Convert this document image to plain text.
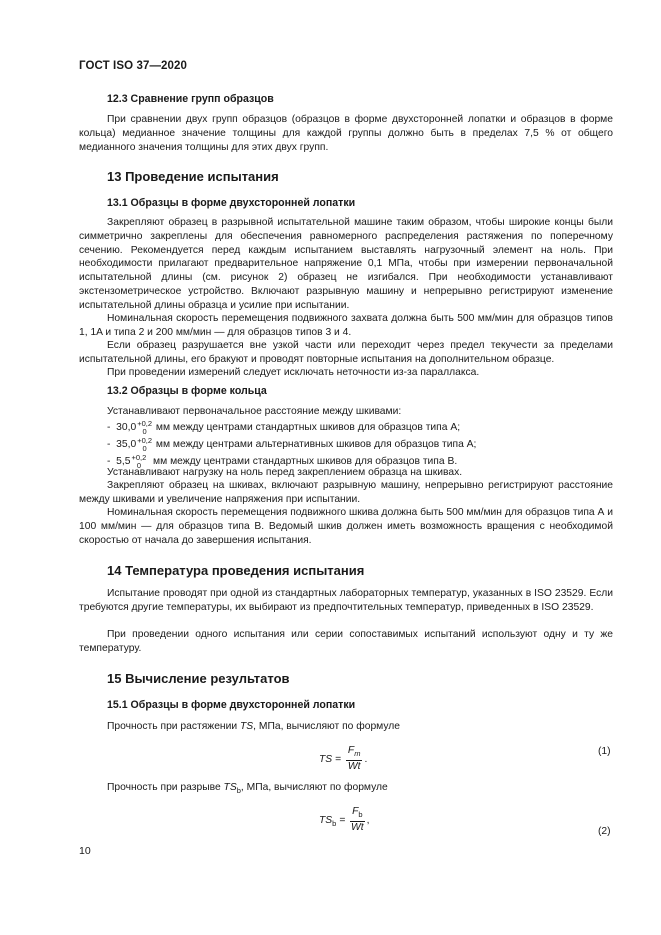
ГОСТ ISO 37—2020
12.3 Сравнение групп образцов

При сравнении двух групп образцов (образцов в форме двухсторонней лопатки и образцов в форме кольца) медианное значение толщины для каждой группы должно быть в пределах 7,5 % от общего медианного значения толщины для этих двух групп.

13 Проведение испытания
13.1 Образцы в форме двухсторонней лопатки

Закрепляют образец в разрывной испытательной машине таким образом, чтобы широкие концы были симметрично закреплены для обеспечения равномерного распределения растяжения по поперечному сечению. Рекомендуется перед каждым испытанием выставлять нагрузочный элемент на ноль. При необходимости прилагают предварительное напряжение 0,1 МПа, чтобы при измерении первоначальной испытательной длины (см. рисунок 2) образец не изгибался. При необходимости устанавливают экстензометрическое устройство. Включают разрывную машину и непрерывно регистрируют изменение испытательной длины образца и усилие при испытании.

Номинальная скорость перемещения подвижного захвата должна быть 500 мм/мин для образцов типов 1, 1A и типа 2 и 200 мм/мин — для образцов типов 3 и 4.

Если образец разрушается вне узкой части или переходит через предел текучести за пределами испытательной длины, его бракуют и проводят повторные испытания на дополнительном образце.

При проведении измерений следует исключать неточности из-за параллакса.

13.2 Образцы в форме кольца
Устанавливают первоначальное расстояние между шкивами:
- 30,0 +0,2
0 мм между центрами стандартных шкивов для образцов типа А;
- 35,0 +0,2
0 мм между центрами альтернативных шкивов для образцов типа А;
- 5,5 +0,2
0	мм между центрами стандартных шкивов для образцов типа В.

Устанавливают нагрузку на ноль перед закреплением образца на шкивах.

Закрепляют образец на шкивах, включают разрывную машину, непрерывно регистрируют расстояние между шкивами и увеличение напряжения при испытании.

Номинальная скорость перемещения подвижного шкива должна быть 500 мм/мин для образцов типа А и 100 мм/мин — для образцов типа В. Ведомый шкив должен иметь возможность вращения с необходимой скоростью от начала до завершения испытания.

14 Температура проведения испытания

Испытание проводят при одной из стандартных лабораторных температур, указанных в ISO 23529. Если требуются другие температуры, их выбирают из предпочтительных температур, приведенных в ISO 23529.

При проведении одного испытания или серии сопоставимых испытаний используют одну и ту же температуру.

15 Вычисление результатов
15.1 Образцы в форме двухсторонней лопатки
Прочность при растяжении TS, МПа, вычисляют по формуле
TS = $\frac{F_m}{Wt}$ .
(1)
Прочность при разрыве $TS_b$, МПа, вычисляют по формуле
$TS_b = \frac{F_b}{Wt}$ ,
(2)
10
